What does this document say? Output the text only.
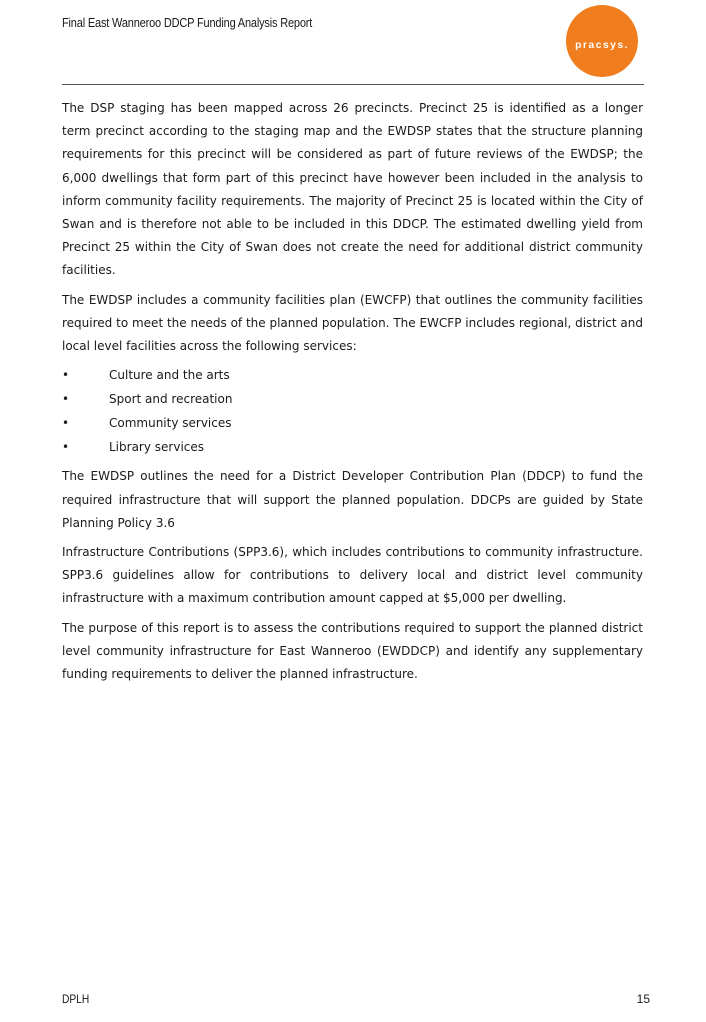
Final East Wanneroo DDCP Funding Analysis Report
pracsys.

The DSP staging has been mapped across 26 precincts. Precinct 25 is identified as a longer term precinct according to the staging map and the EWDSP states that the structure planning requirements for this precinct will be considered as part of future reviews of the EWDSP; the 6,000 dwellings that form part of this precinct have however been included in the analysis to inform community facility requirements. The majority of Precinct 25 is located within the City of Swan and is therefore not able to be included in this DDCP. The estimated dwelling yield from Precinct 25 within the City of Swan does not create the need for additional district community facilities.

The EWDSP includes a community facilities plan (EWCFP) that outlines the community facilities required to meet the needs of the planned population. The EWCFP includes regional, district and local level facilities across the following services:

•	Culture and the arts
•	Sport and recreation
•	Community services
•	Library services

The EWDSP outlines the need for a District Developer Contribution Plan (DDCP) to fund the required infrastructure that will support the planned population. DDCPs are guided by State Planning Policy 3.6

Infrastructure Contributions (SPP3.6), which includes contributions to community infrastructure. SPP3.6 guidelines allow for contributions to delivery local and district level community infrastructure with a maximum contribution amount capped at $5,000 per dwelling.

The purpose of this report is to assess the contributions required to support the planned district level community infrastructure for East Wanneroo (EWDDCP) and identify any supplementary funding requirements to deliver the planned infrastructure.

DPLH	15
